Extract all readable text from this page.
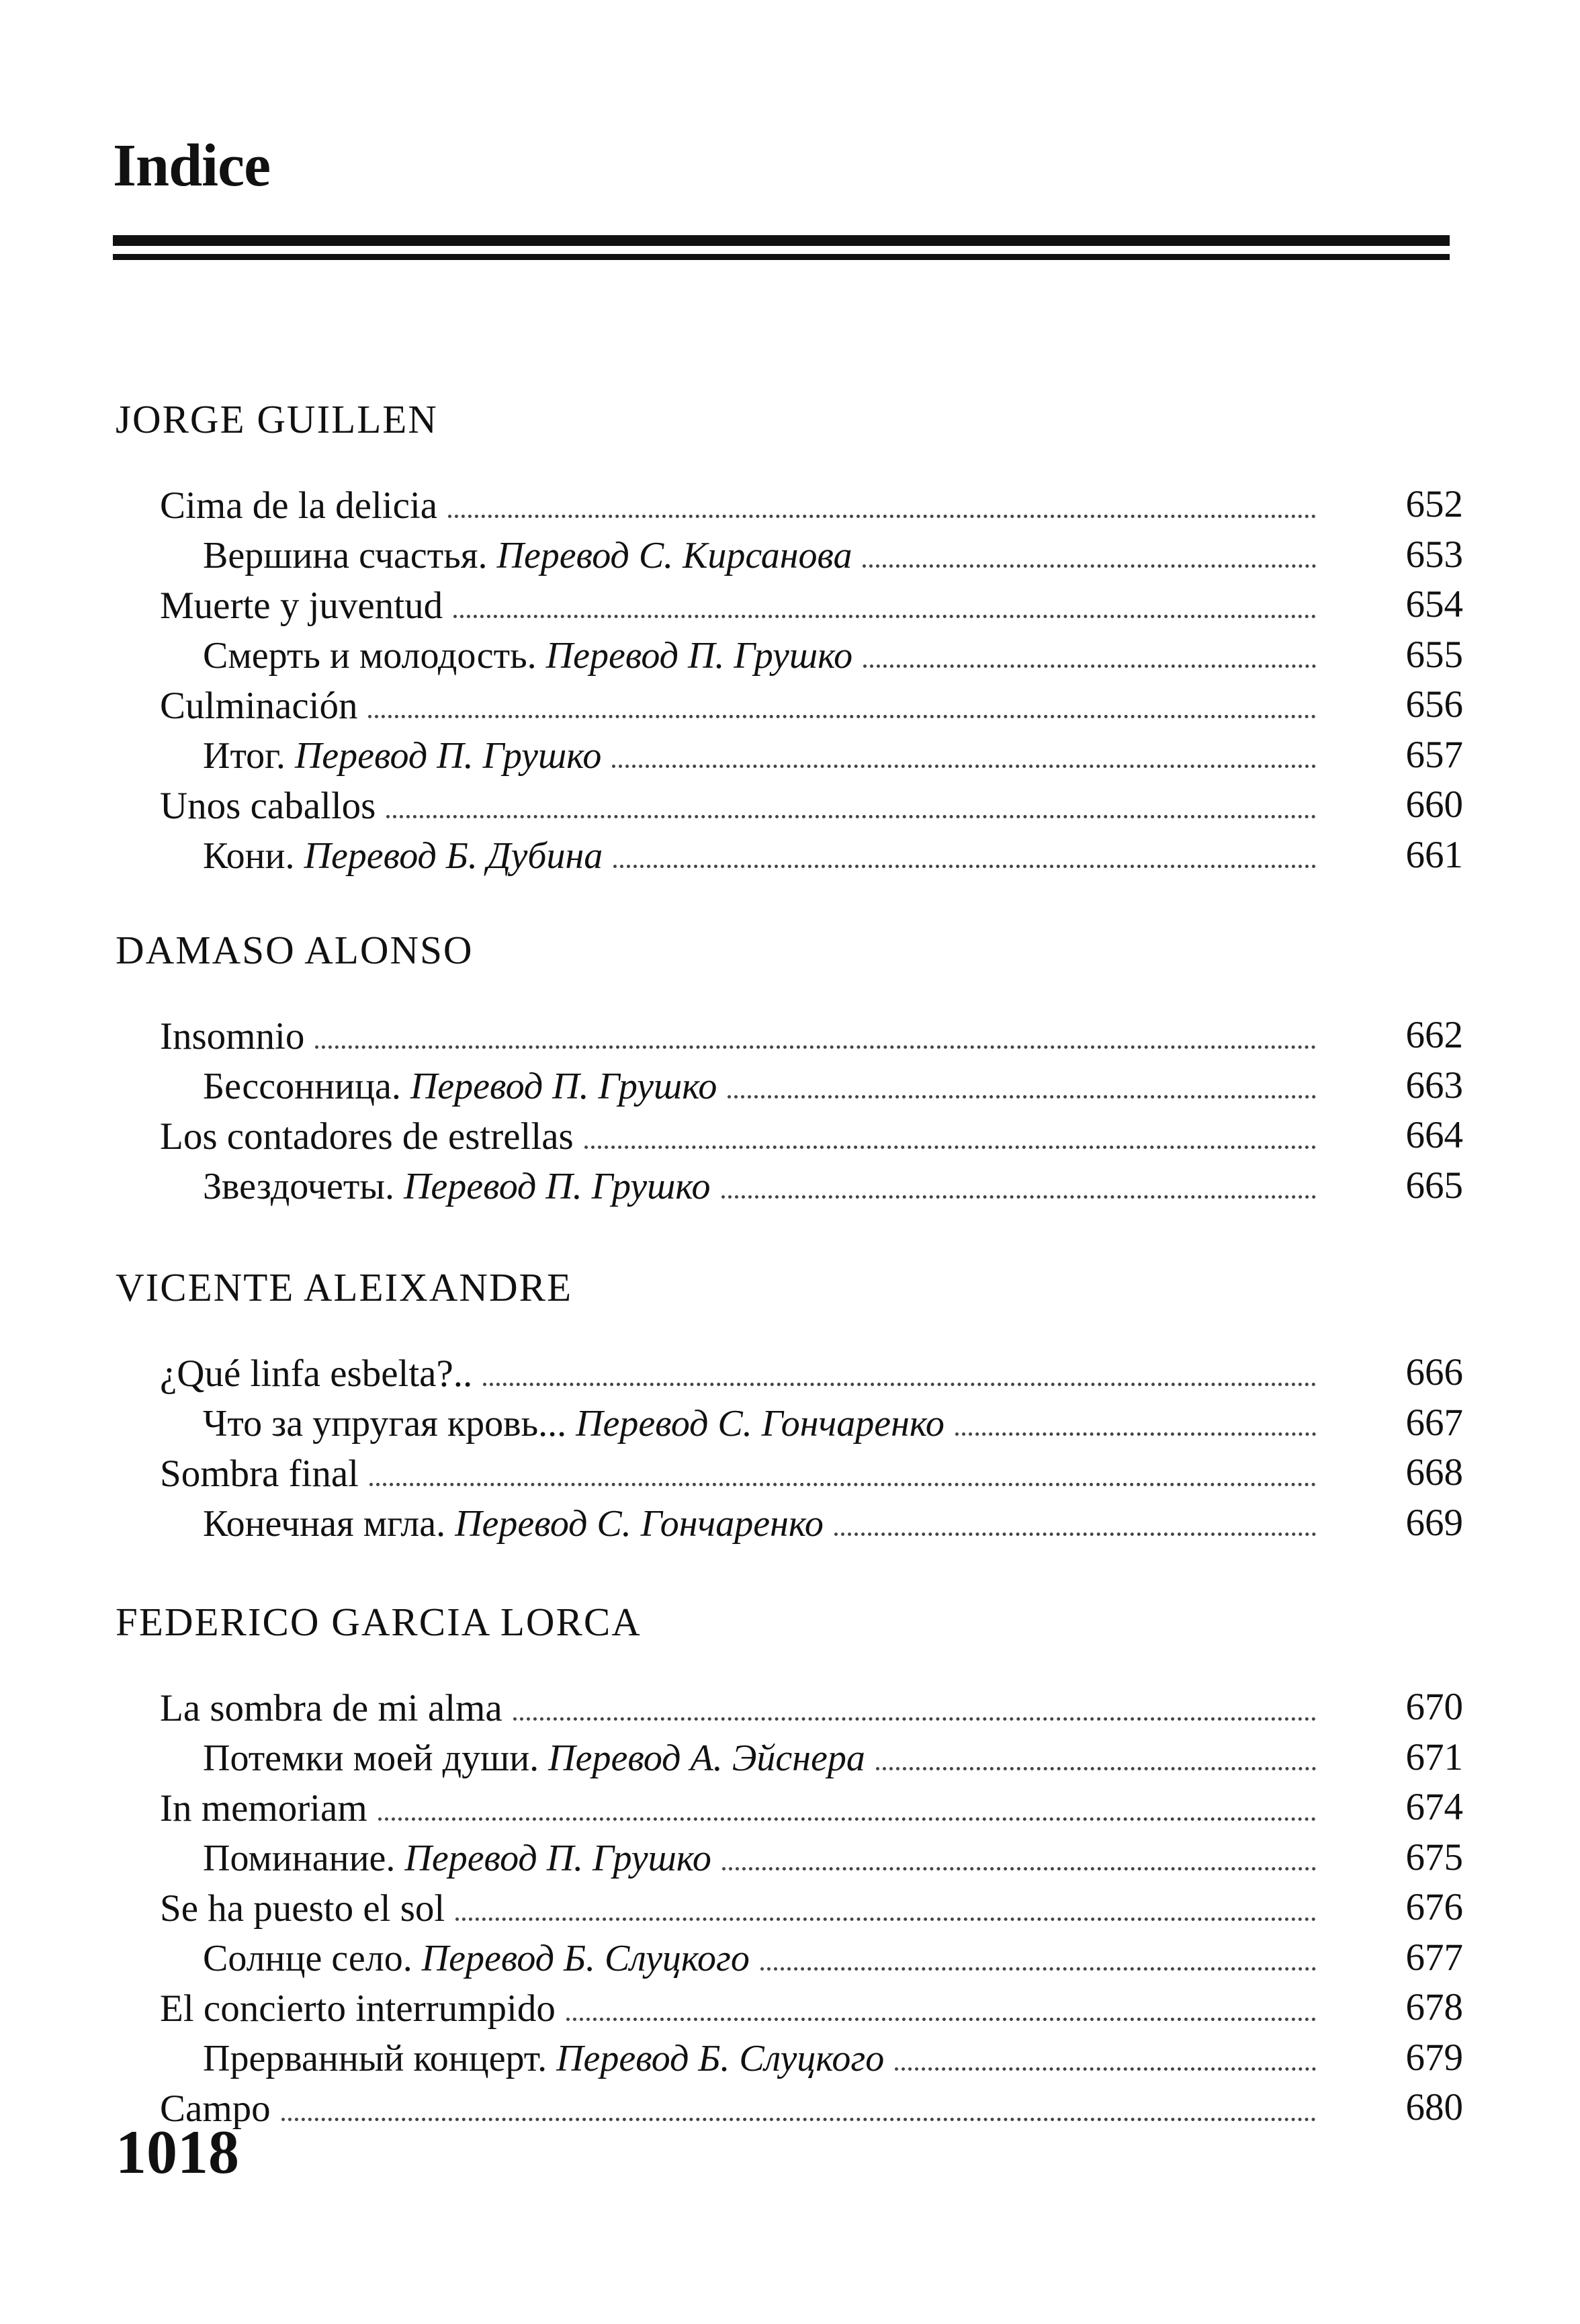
Indice
JORGE GUILLEN
Cima de la delicia	652
Вершина счастья. Перевод С. Кирсанова	653
Muerte y juventud	654
Смерть и молодость. Перевод П. Грушко	655
Culminación	656
Итог. Перевод П. Грушко	657
Unos caballos	660
Кони. Перевод Б. Дубина	661
DAMASO ALONSO
Insomnio	662
Бессонница. Перевод П. Грушко	663
Los contadores de estrellas	664
Звездочеты. Перевод П. Грушко	665
VICENTE ALEIXANDRE
¿Qué linfa esbelta?..	666
Что за упругая кровь... Перевод С. Гончаренко	667
Sombra final	668
Конечная мгла. Перевод С. Гончаренко	669
FEDERICO GARCIA LORCA
La sombra de mi alma	670
Потемки моей души. Перевод А. Эйснера	671
In memoriam	674
Поминание. Перевод П. Грушко	675
Se ha puesto el sol	676
Солнце село. Перевод Б. Слуцкого	677
El concierto interrumpido	678
Прерванный концерт. Перевод Б. Слуцкого	679
Campo	680
1018
